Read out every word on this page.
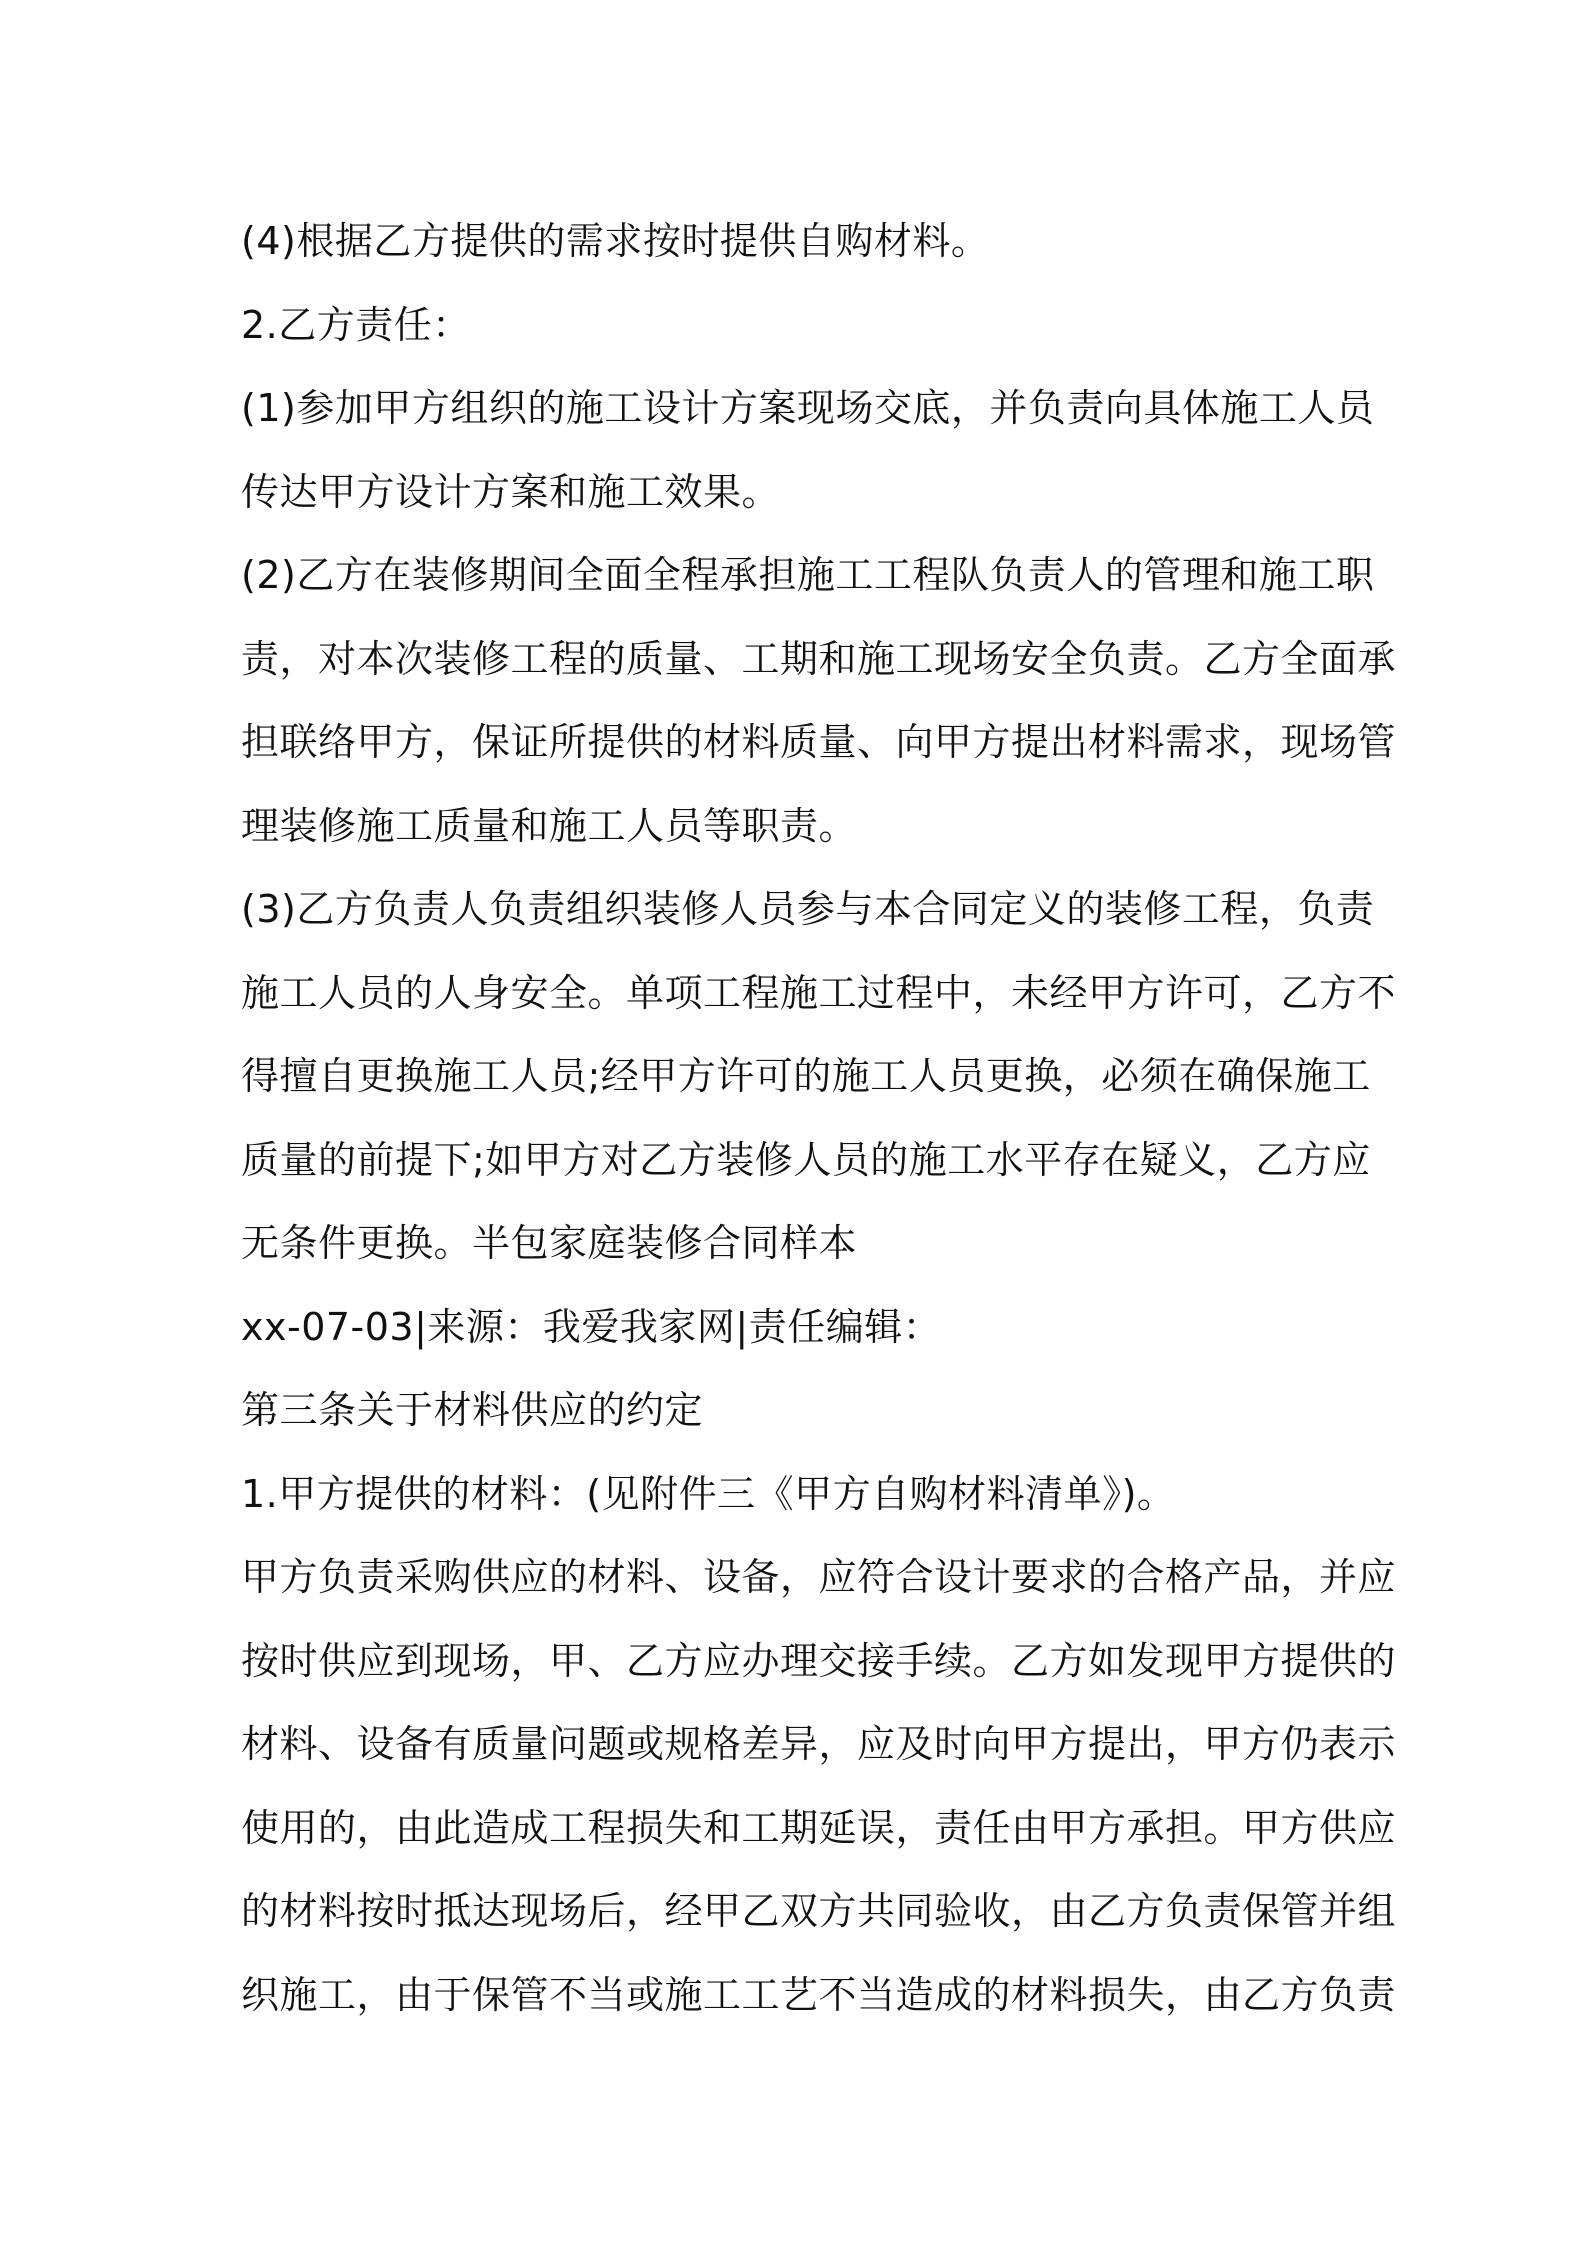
(4)根据乙方提供的需求按时提供自购材料。
2.乙方责任：
(1)参加甲方组织的施工设计方案现场交底，并负责向具体施工人员
传达甲方设计方案和施工效果。
(2)乙方在装修期间全面全程承担施工工程队负责人的管理和施工职
责，对本次装修工程的质量、工期和施工现场安全负责。乙方全面承
担联络甲方，保证所提供的材料质量、向甲方提出材料需求，现场管
理装修施工质量和施工人员等职责。
(3)乙方负责人负责组织装修人员参与本合同定义的装修工程，负责
施工人员的人身安全。单项工程施工过程中，未经甲方许可，乙方不
得擅自更换施工人员;经甲方许可的施工人员更换，必须在确保施工
质量的前提下;如甲方对乙方装修人员的施工水平存在疑义，乙方应
无条件更换。半包家庭装修合同样本
xx-07-03|来源：我爱我家网|责任编辑：
第三条关于材料供应的约定
1.甲方提供的材料：(见附件三《甲方自购材料清单》)。
甲方负责采购供应的材料、设备，应符合设计要求的合格产品，并应
按时供应到现场，甲、乙方应办理交接手续。乙方如发现甲方提供的
材料、设备有质量问题或规格差异，应及时向甲方提出，甲方仍表示
使用的，由此造成工程损失和工期延误，责任由甲方承担。甲方供应
的材料按时抵达现场后，经甲乙双方共同验收，由乙方负责保管并组
织施工，由于保管不当或施工工艺不当造成的材料损失，由乙方负责
